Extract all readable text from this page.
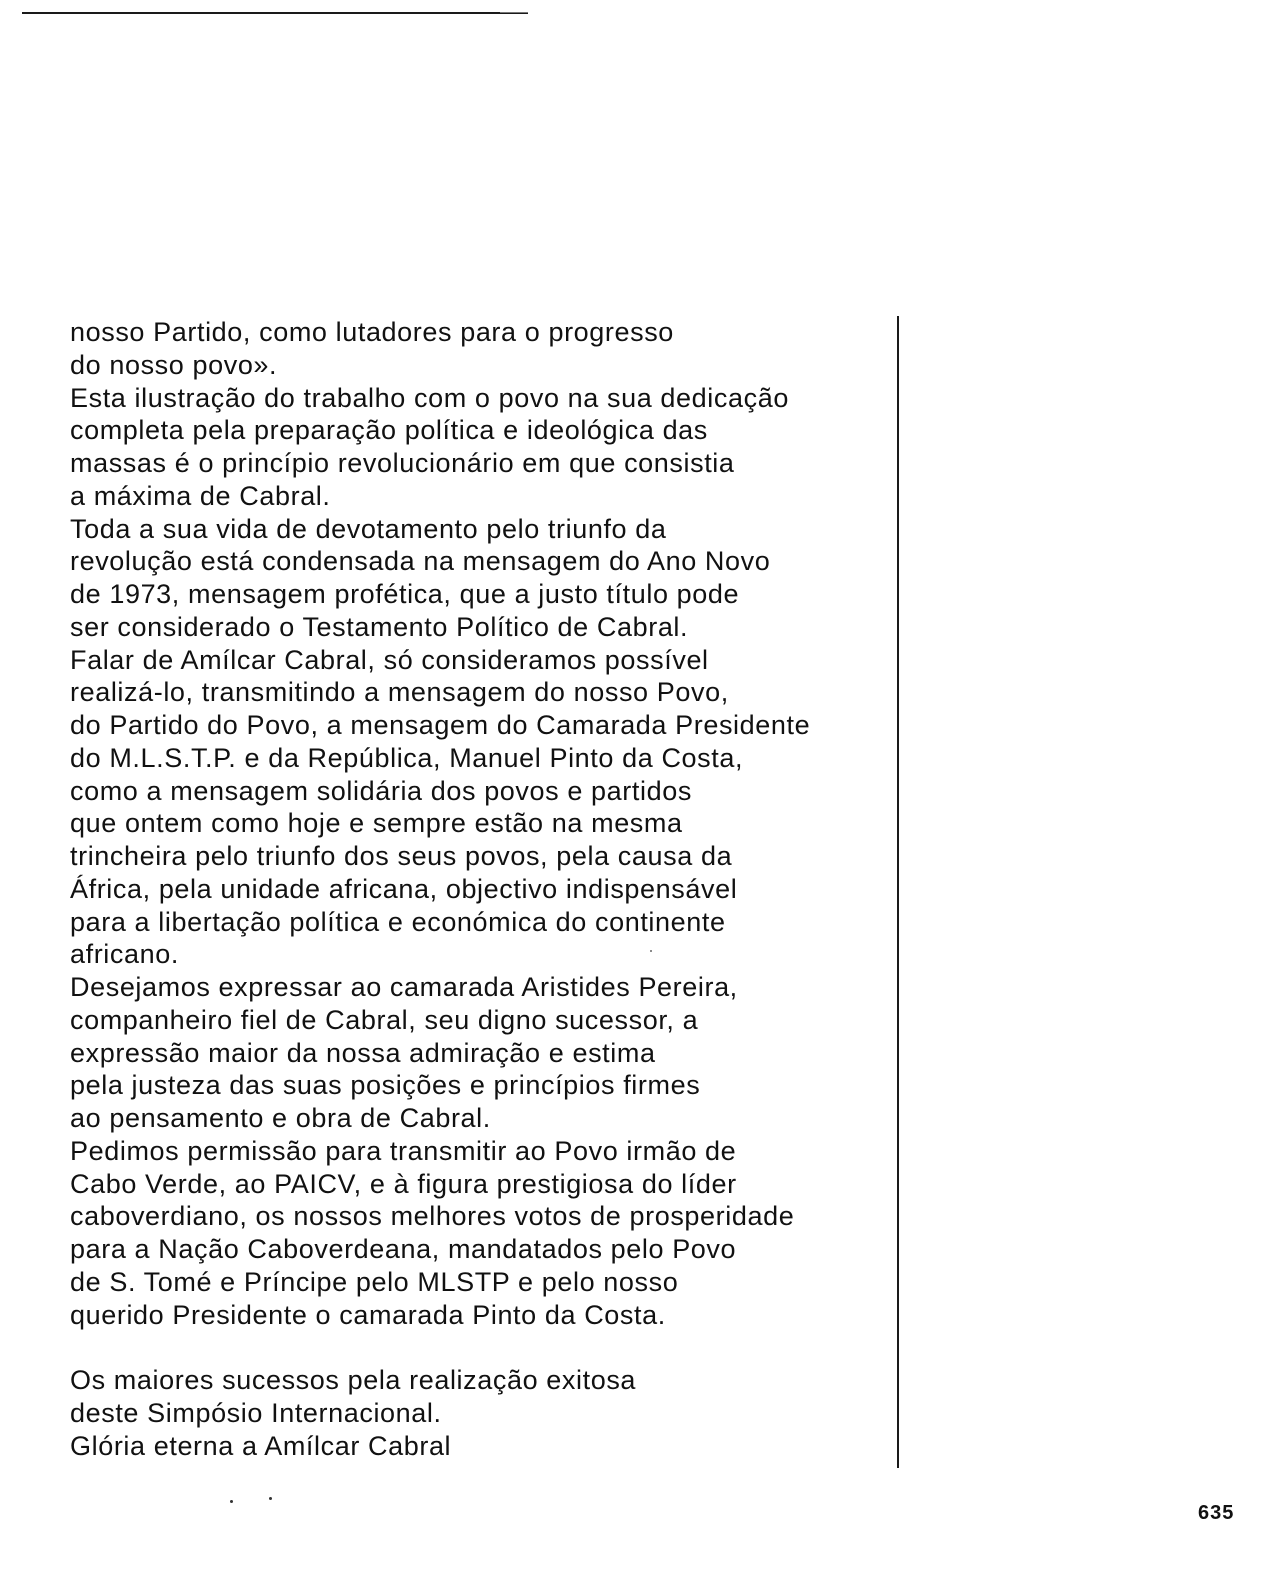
nosso Partido, como lutadores para o progresso
do nosso povo».
Esta ilustração do trabalho com o povo na sua dedicação
completa pela preparação política e ideológica das
massas é o princípio revolucionário em que consistia
a máxima de Cabral.
Toda a sua vida de devotamento pelo triunfo da
revolução está condensada na mensagem do Ano Novo
de 1973, mensagem profética, que a justo título pode
ser considerado o Testamento Político de Cabral.
Falar de Amílcar Cabral, só consideramos possível
realizá-lo, transmitindo a mensagem do nosso Povo,
do Partido do Povo, a mensagem do Camarada Presidente
do M.L.S.T.P. e da República, Manuel Pinto da Costa,
como a mensagem solidária dos povos e partidos
que ontem como hoje e sempre estão na mesma
trincheira pelo triunfo dos seus povos, pela causa da
África, pela unidade africana, objectivo indispensável
para a libertação política e económica do continente
africano.
Desejamos expressar ao camarada Aristides Pereira,
companheiro fiel de Cabral, seu digno sucessor, a
expressão maior da nossa admiração e estima
pela justeza das suas posições e princípios firmes
ao pensamento e obra de Cabral.
Pedimos permissão para transmitir ao Povo irmão de
Cabo Verde, ao PAICV, e à figura prestigiosa do líder
caboverdiano, os nossos melhores votos de prosperidade
para a Nação Caboverdeana, mandatados pelo Povo
de S. Tomé e Príncipe pelo MLSTP e pelo nosso
querido Presidente o camarada Pinto da Costa.
Os maiores sucessos pela realização exitosa
deste Simpósio Internacional.
Glória eterna a Amílcar Cabral
635
